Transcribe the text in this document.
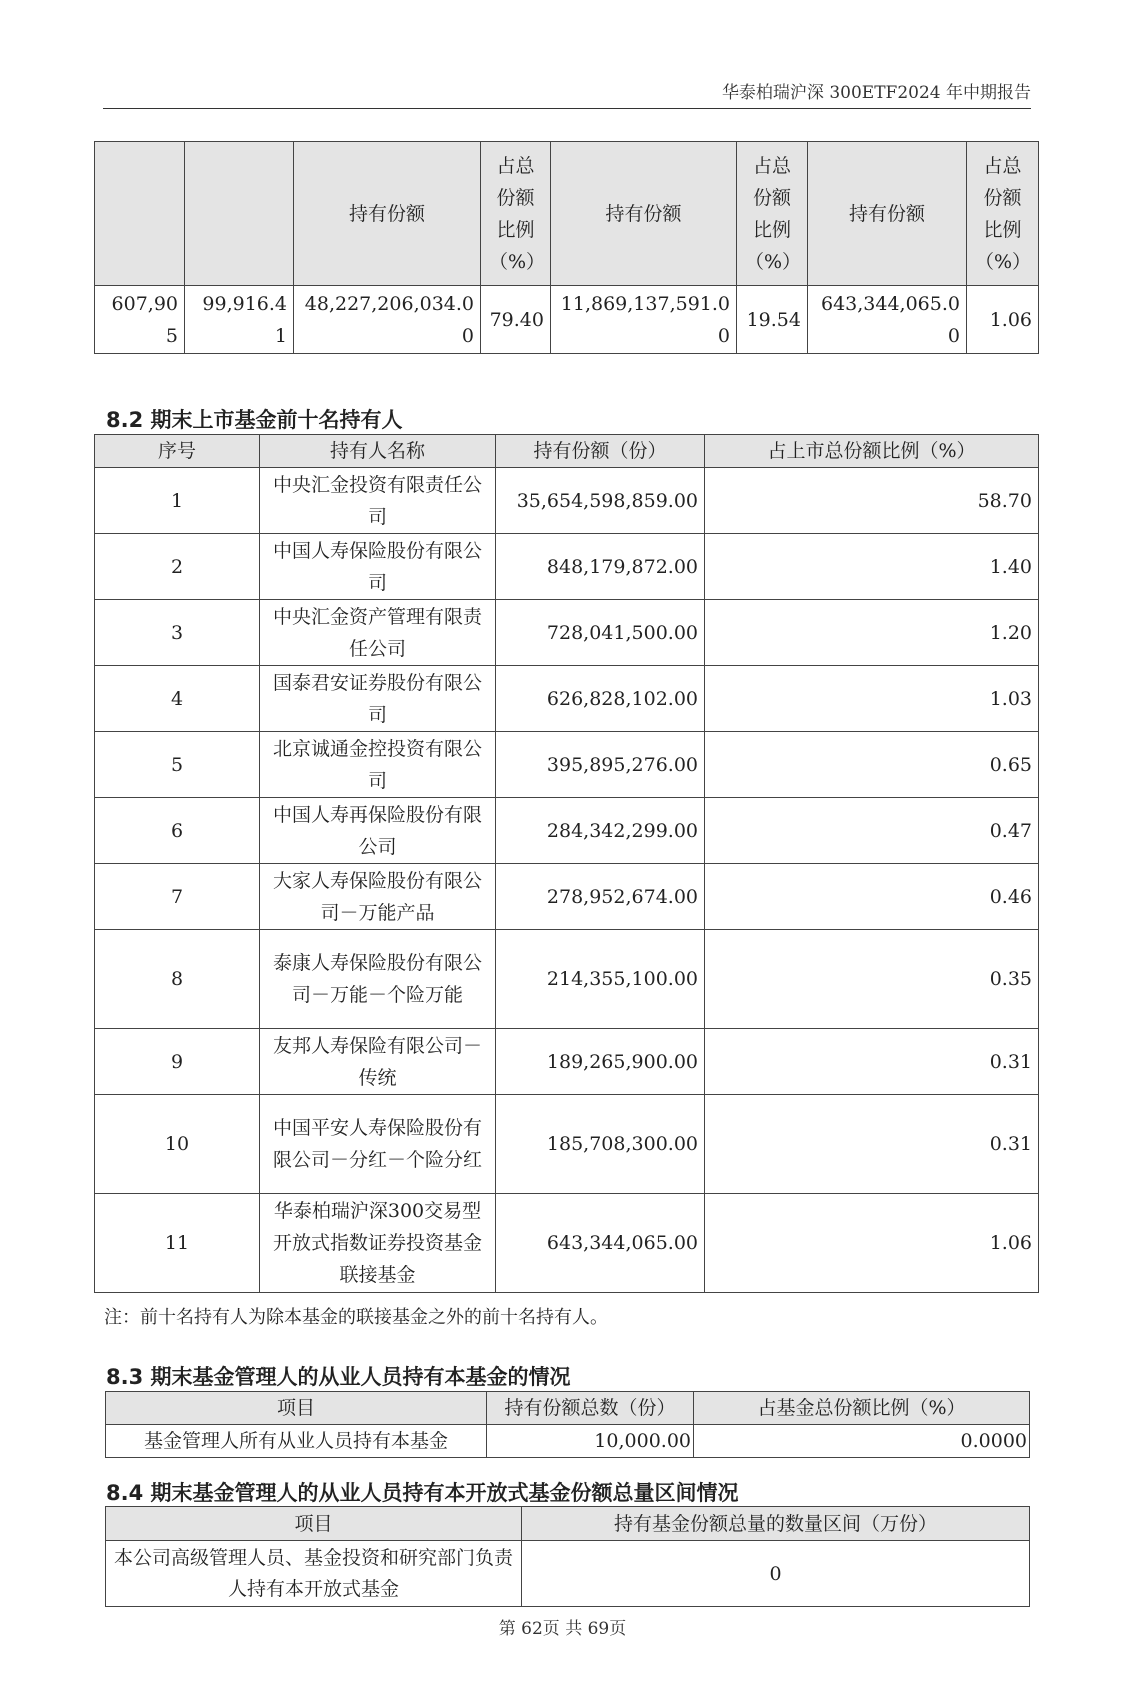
华泰柏瑞沪深 300ETF2024 年中期报告
		持有份额	占总份额比例（%）	持有份额	占总份额比例（%）	持有份额	占总份额比例（%）
607,905	99,916.41	48,227,206,034.00	79.40	11,869,137,591.00	19.54	643,344,065.00	1.06
8.2 期末上市基金前十名持有人
序号	持有人名称	持有份额（份）	占上市总份额比例（%）
1	中央汇金投资有限责任公司	35,654,598,859.00	58.70
2	中国人寿保险股份有限公司	848,179,872.00	1.40
3	中央汇金资产管理有限责任公司	728,041,500.00	1.20
4	国泰君安证券股份有限公司	626,828,102.00	1.03
5	北京诚通金控投资有限公司	395,895,276.00	0.65
6	中国人寿再保险股份有限公司	284,342,299.00	0.47
7	大家人寿保险股份有限公司－万能产品	278,952,674.00	0.46
8	泰康人寿保险股份有限公司－万能－个险万能	214,355,100.00	0.35
9	友邦人寿保险有限公司－传统	189,265,900.00	0.31
10	中国平安人寿保险股份有限公司－分红－个险分红	185,708,300.00	0.31
11	华泰柏瑞沪深300交易型开放式指数证券投资基金联接基金	643,344,065.00	1.06
注：前十名持有人为除本基金的联接基金之外的前十名持有人。
8.3 期末基金管理人的从业人员持有本基金的情况
项目	持有份额总数（份）	占基金总份额比例（%）
基金管理人所有从业人员持有本基金	10,000.00	0.0000
8.4 期末基金管理人的从业人员持有本开放式基金份额总量区间情况
项目	持有基金份额总量的数量区间（万份）
本公司高级管理人员、基金投资和研究部门负责人持有本开放式基金	0
第 62页 共 69页
